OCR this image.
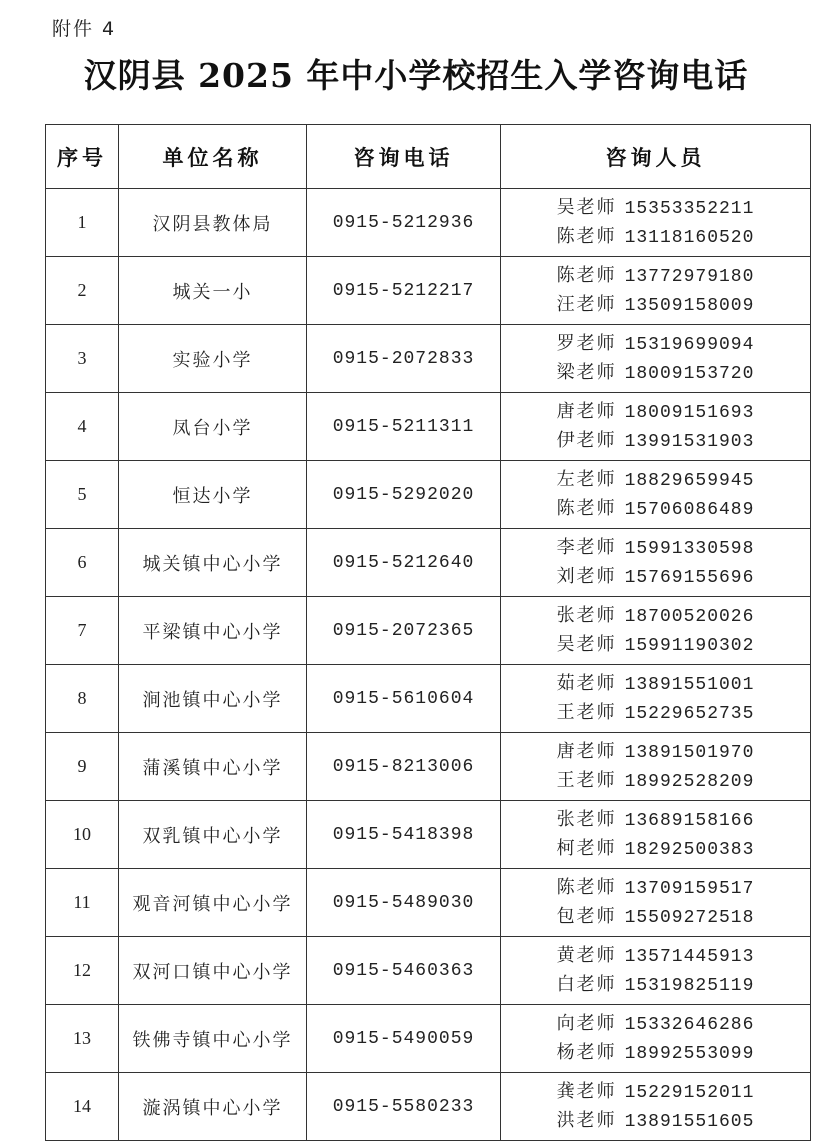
附件 4
汉阴县 2025 年中小学校招生入学咨询电话
序号	单位名称	咨询电话	咨询人员
1	汉阴县教体局	0915-5212936	吴老师 15353352211
陈老师 13118160520

2	城关一小	0915-5212217	陈老师 13772979180
汪老师 13509158009

3	实验小学	0915-2072833	罗老师 15319699094
梁老师 18009153720

4	凤台小学	0915-5211311	唐老师 18009151693
伊老师 13991531903

5	恒达小学	0915-5292020	左老师 18829659945
陈老师 15706086489

6	城关镇中心小学	0915-5212640	李老师 15991330598
刘老师 15769155696

7	平梁镇中心小学	0915-2072365	张老师 18700520026
吴老师 15991190302

8	涧池镇中心小学	0915-5610604	茹老师 13891551001
王老师 15229652735

9	蒲溪镇中心小学	0915-8213006	唐老师 13891501970
王老师 18992528209

10	双乳镇中心小学	0915-5418398	张老师 13689158166
柯老师 18292500383

11	观音河镇中心小学	0915-5489030	陈老师 13709159517
包老师 15509272518

12	双河口镇中心小学	0915-5460363	黄老师 13571445913
白老师 15319825119

13	铁佛寺镇中心小学	0915-5490059	向老师 15332646286
杨老师 18992553099

14	漩涡镇中心小学	0915-5580233	龚老师 15229152011
洪老师 13891551605
